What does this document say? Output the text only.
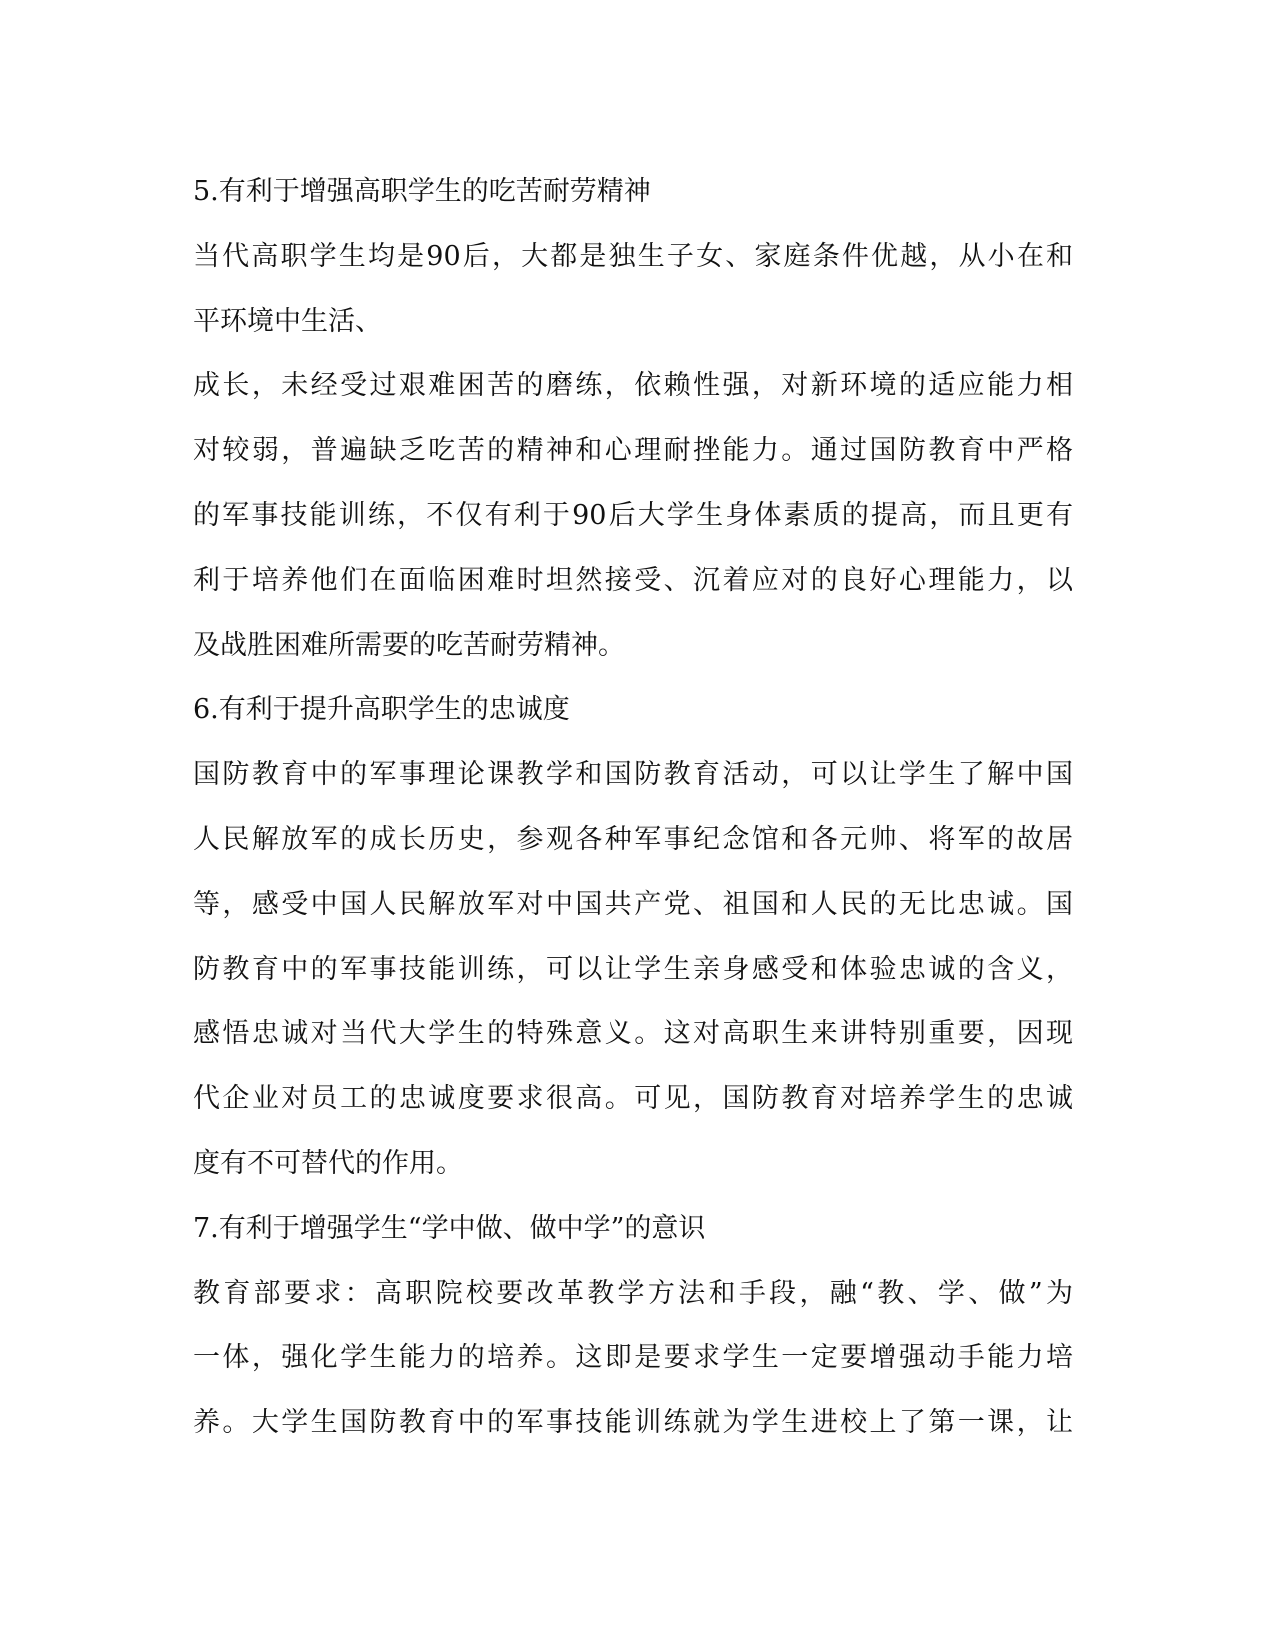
5.有利于增强高职学生的吃苦耐劳精神
当代高职学生均是90后，大都是独生子女、家庭条件优越，从小在和
平环境中生活、
成长，未经受过艰难困苦的磨练，依赖性强，对新环境的适应能力相
对较弱，普遍缺乏吃苦的精神和心理耐挫能力。通过国防教育中严格
的军事技能训练，不仅有利于90后大学生身体素质的提高，而且更有
利于培养他们在面临困难时坦然接受、沉着应对的良好心理能力，以
及战胜困难所需要的吃苦耐劳精神。
6.有利于提升高职学生的忠诚度
国防教育中的军事理论课教学和国防教育活动，可以让学生了解中国
人民解放军的成长历史，参观各种军事纪念馆和各元帅、将军的故居
等，感受中国人民解放军对中国共产党、祖国和人民的无比忠诚。国
防教育中的军事技能训练，可以让学生亲身感受和体验忠诚的含义，
感悟忠诚对当代大学生的特殊意义。这对高职生来讲特别重要，因现
代企业对员工的忠诚度要求很高。可见，国防教育对培养学生的忠诚
度有不可替代的作用。
7.有利于增强学生“学中做、做中学”的意识
教育部要求：高职院校要改革教学方法和手段，融“教、学、做”为
一体，强化学生能力的培养。这即是要求学生一定要增强动手能力培
养。大学生国防教育中的军事技能训练就为学生进校上了第一课，让
